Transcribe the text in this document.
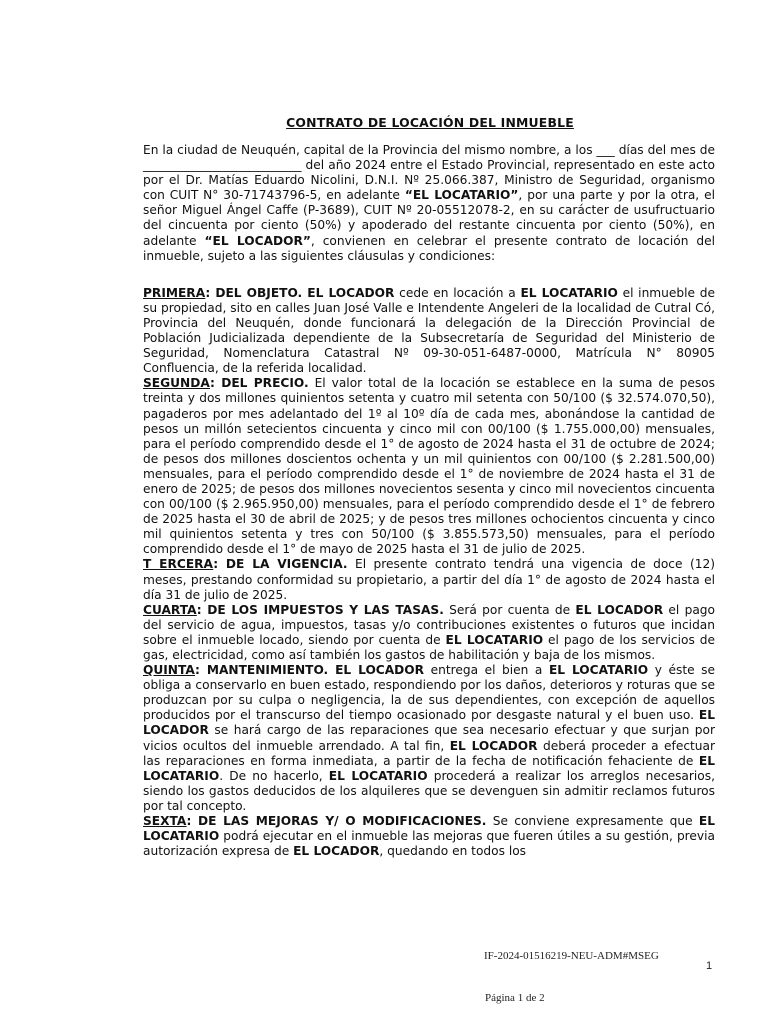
CONTRATO DE LOCACIÓN DEL INMUEBLE

En la ciudad de Neuquén, capital de la Provincia del mismo nombre, a los ___ días del mes de __________________________ del año 2024 entre el Estado Provincial, representado en este acto por el Dr. Matías Eduardo Nicolini, D.N.I. Nº 25.066.387, Ministro de Seguridad, organismo con CUIT N° 30-71743796-5, en adelante “EL LOCATARIO”, por una parte y por la otra, el señor Miguel Ángel Caffe (P-3689), CUIT Nº 20-05512078-2, en su carácter de usufructuario del cincuenta por ciento (50%) y apoderado del restante cincuenta por ciento (50%), en adelante “EL LOCADOR”, convienen en celebrar el presente contrato de locación del inmueble, sujeto a las siguientes cláusulas y condiciones:

PRIMERA: DEL OBJETO. EL LOCADOR cede en locación a EL LOCATARIO el inmueble de su propiedad, sito en calles Juan José Valle e Intendente Angeleri de la localidad de Cutral Có, Provincia del Neuquén, donde funcionará la delegación de la Dirección Provincial de Población Judicializada dependiente de la Subsecretaría de Seguridad del Ministerio de Seguridad, Nomenclatura Catastral Nº 09-30-051-6487-0000, Matrícula N° 80905 Confluencia, de la referida localidad.

SEGUNDA: DEL PRECIO. El valor total de la locación se establece en la suma de pesos treinta y dos millones quinientos setenta y cuatro mil setenta con 50/100 ($ 32.574.070,50), pagaderos por mes adelantado del 1º al 10º día de cada mes, abonándose la cantidad de pesos un millón setecientos cincuenta y cinco mil con 00/100 ($ 1.755.000,00) mensuales, para el período comprendido desde el 1° de agosto de 2024 hasta el 31 de octubre de 2024; de pesos dos millones doscientos ochenta y un mil quinientos con 00/100 ($ 2.281.500,00) mensuales, para el período comprendido desde el 1° de noviembre de 2024 hasta el 31 de enero de 2025; de pesos dos millones novecientos sesenta y cinco mil novecientos cincuenta con 00/100 ($ 2.965.950,00) mensuales, para el período comprendido desde el 1° de febrero de 2025 hasta el 30 de abril de 2025; y de pesos tres millones ochocientos cincuenta y cinco mil quinientos setenta y tres con 50/100 ($ 3.855.573,50) mensuales, para el período comprendido desde el 1° de mayo de 2025 hasta el 31 de julio de 2025.

T ERCERA: DE LA VIGENCIA. El presente contrato tendrá una vigencia de doce (12) meses, prestando conformidad su propietario, a partir del día 1° de agosto de 2024 hasta el día 31 de julio de 2025.

CUARTA: DE LOS IMPUESTOS Y LAS TASAS. Será por cuenta de EL LOCADOR el pago del servicio de agua, impuestos, tasas y/o contribuciones existentes o futuros que incidan sobre el inmueble locado, siendo por cuenta de EL LOCATARIO el pago de los servicios de gas, electricidad, como así también los gastos de habilitación y baja de los mismos.

QUINTA: MANTENIMIENTO. EL LOCADOR entrega el bien a EL LOCATARIO y éste se obliga a conservarlo en buen estado, respondiendo por los daños, deterioros y roturas que se produzcan por su culpa o negligencia, la de sus dependientes, con excepción de aquellos producidos por el transcurso del tiempo ocasionado por desgaste natural y el buen uso. EL LOCADOR se hará cargo de las reparaciones que sea necesario efectuar y que surjan por vicios ocultos del inmueble arrendado. A tal fin, EL LOCADOR deberá proceder a efectuar las reparaciones en forma inmediata, a partir de la fecha de notificación fehaciente de EL LOCATARIO. De no hacerlo, EL LOCATARIO procederá a realizar los arreglos necesarios, siendo los gastos deducidos de los alquileres que se devenguen sin admitir reclamos futuros por tal concepto.

SEXTA: DE LAS MEJORAS Y/ O MODIFICACIONES. Se conviene expresamente que EL LOCATARIO podrá ejecutar en el inmueble las mejoras que fueren útiles a su gestión, previa autorización expresa de EL LOCADOR, quedando en todos los

IF-2024-01516219-NEU-ADM#MSEG
1
Página 1 de 2
